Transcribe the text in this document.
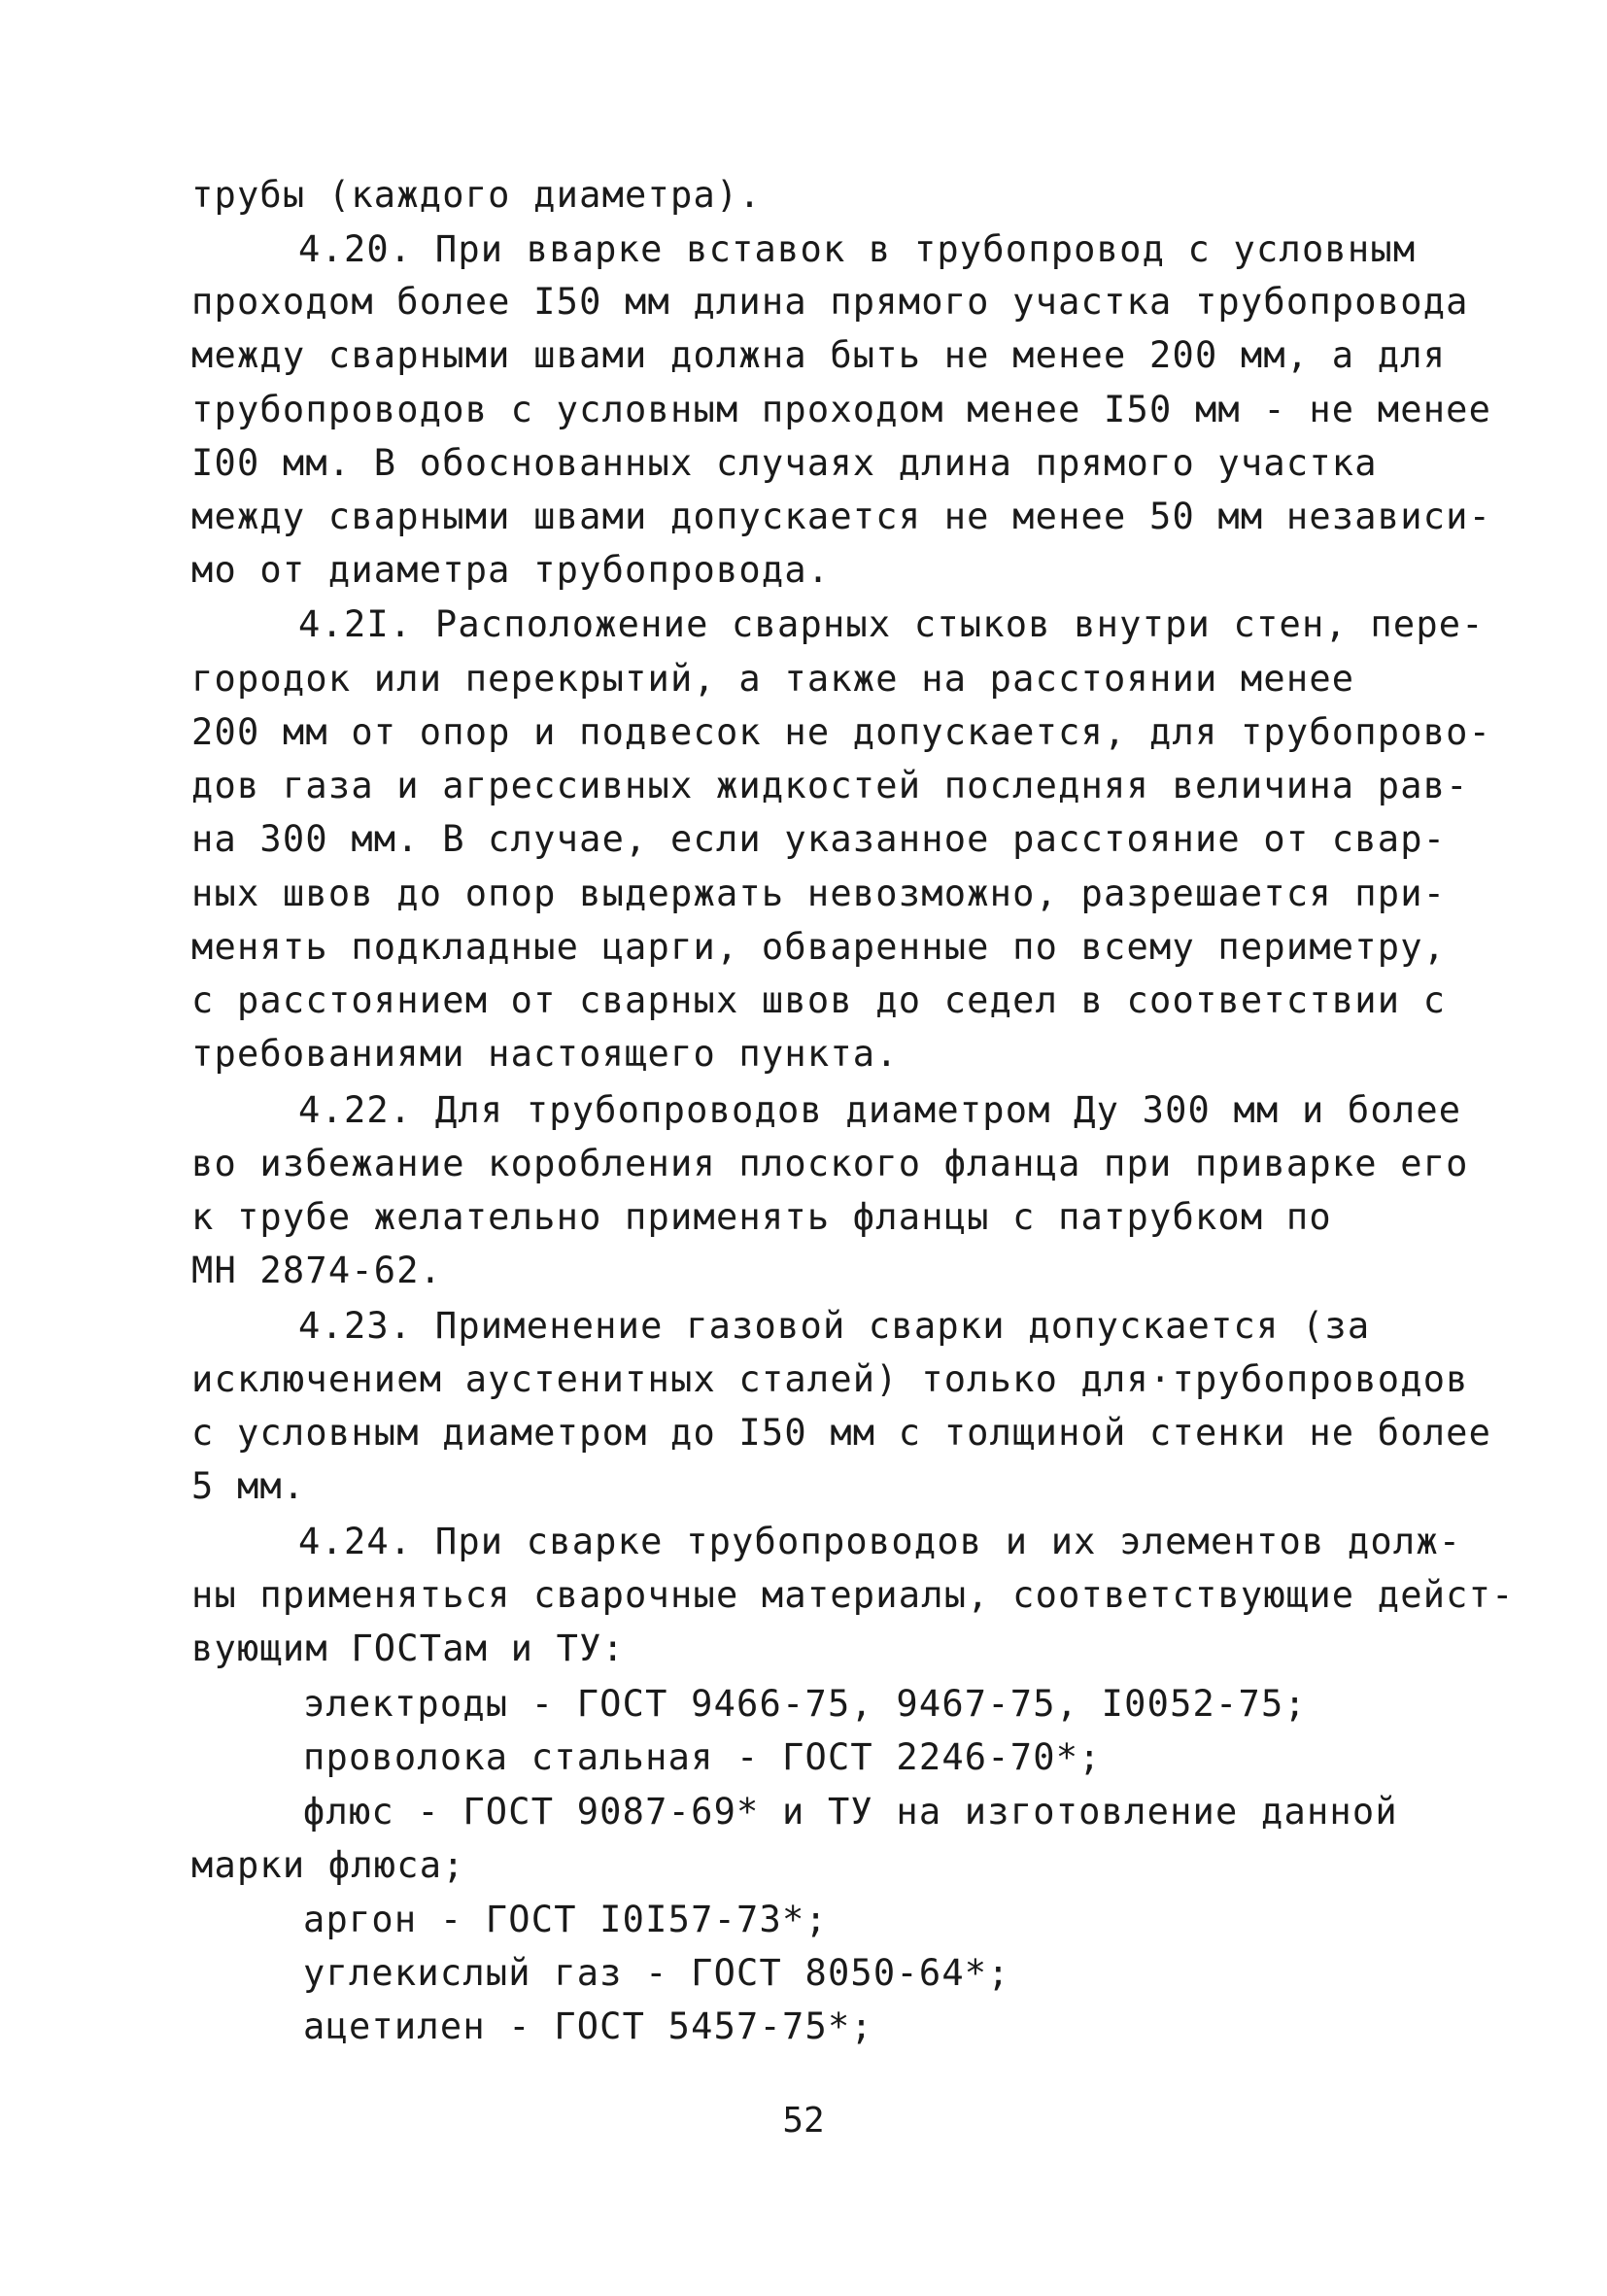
трубы (каждого диаметра).
4.20. При вварке вставок в трубопровод с условным
проходом более I50 мм длина прямого участка трубопровода
между сварными швами должна быть не менее 200 мм, а для
трубопроводов с условным проходом менее I50 мм - не менее
I00 мм. В обоснованных случаях длина прямого участка
между сварными швами допускается не менее 50 мм независи-
мо от диаметра трубопровода.
4.2I. Расположение сварных стыков внутри стен, пере-
городок или перекрытий, а также на расстоянии менее
200 мм от опор и подвесок не допускается, для трубопрово-
дов газа и агрессивных жидкостей последняя величина рав-
на 300 мм. В случае, если указанное расстояние от свар-
ных швов до опор выдержать невозможно, разрешается при-
менять подкладные царги, обваренные по всему периметру,
с расстоянием от сварных швов до седел в соответствии с
требованиями настоящего пункта.
4.22. Для трубопроводов диаметром Ду 300 мм и более
во избежание коробления плоского фланца при приварке его
к трубе желательно применять фланцы с патрубком по
МН 2874-62.
4.23. Применение газовой сварки допускается (за
исключением аустенитных сталей) только для·трубопроводов
с условным диаметром до I50 мм с толщиной стенки не более
5 мм.
4.24. При сварке трубопроводов и их элементов долж-
ны применяться сварочные материалы, соответствующие дейст-
вующим ГОСТам и ТУ:
электроды - ГОСТ 9466-75, 9467-75, I0052-75;
проволока стальная - ГОСТ 2246-70*;
флюс - ГОСТ 9087-69* и ТУ на изготовление данной
марки флюса;
аргон - ГОСТ I0I57-73*;
углекислый газ - ГОСТ 8050-64*;
ацетилен - ГОСТ 5457-75*;
52
